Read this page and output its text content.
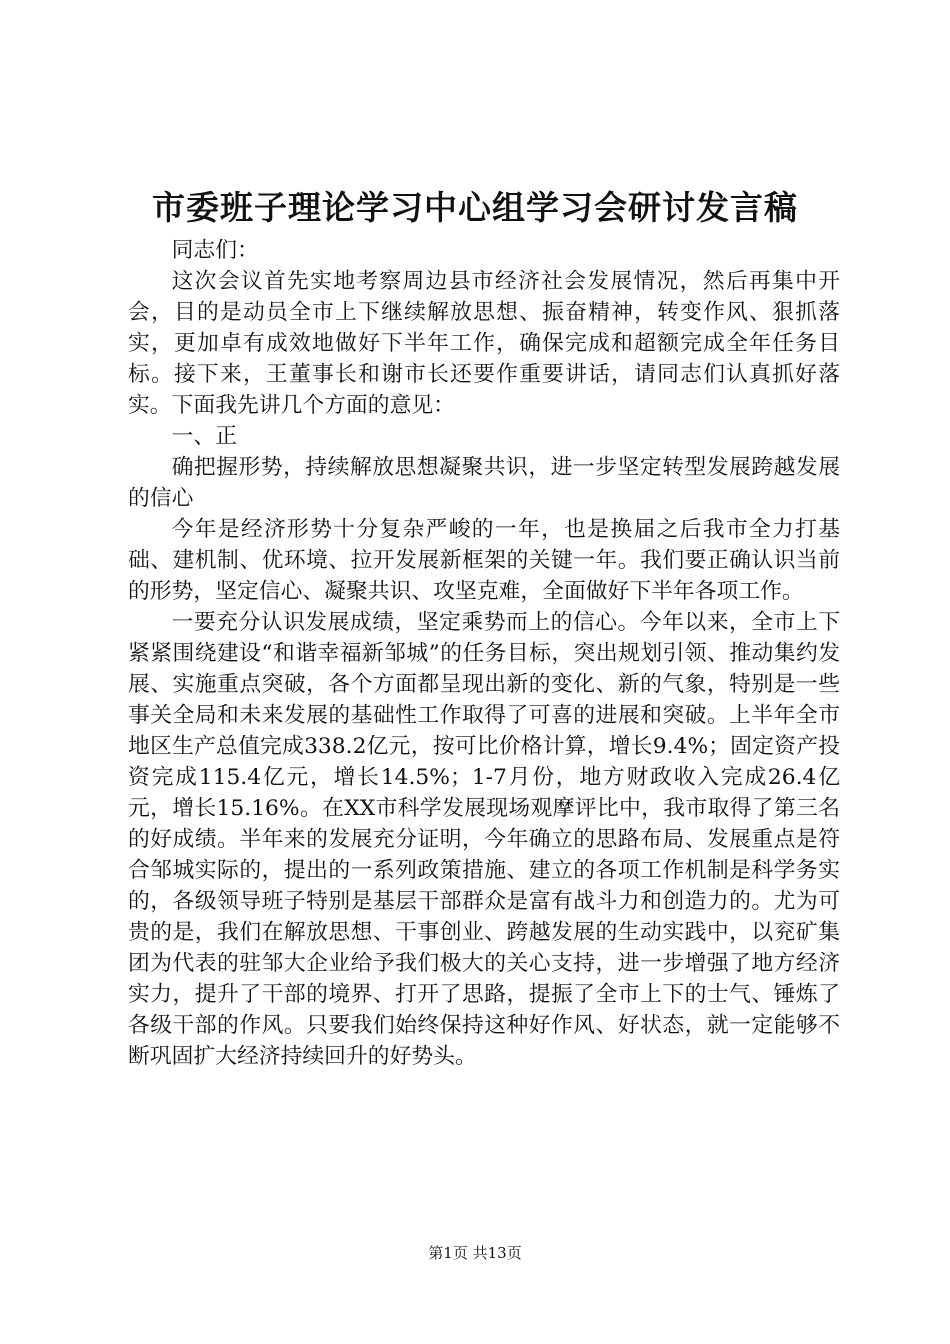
市委班子理论学习中心组学习会研讨发言稿

同志们：

这次会议首先实地考察周边县市经济社会发展情况，然后再集中开会，目的是动员全市上下继续解放思想、振奋精神，转变作风、狠抓落实，更加卓有成效地做好下半年工作，确保完成和超额完成全年任务目标。接下来，王董事长和谢市长还要作重要讲话，请同志们认真抓好落实。下面我先讲几个方面的意见：

一、正

确把握形势，持续解放思想凝聚共识，进一步坚定转型发展跨越发展的信心

今年是经济形势十分复杂严峻的一年，也是换届之后我市全力打基础、建机制、优环境、拉开发展新框架的关键一年。我们要正确认识当前的形势，坚定信心、凝聚共识、攻坚克难，全面做好下半年各项工作。

一要充分认识发展成绩，坚定乘势而上的信心。今年以来，全市上下紧紧围绕建设“和谐幸福新邹城”的任务目标，突出规划引领、推动集约发展、实施重点突破，各个方面都呈现出新的变化、新的气象，特别是一些事关全局和未来发展的基础性工作取得了可喜的进展和突破。上半年全市地区生产总值完成338.2亿元，按可比价格计算，增长9.4%；固定资产投资完成115.4亿元，增长14.5%；1-7月份，地方财政收入完成26.4亿元，增长15.16%。在XX市科学发展现场观摩评比中，我市取得了第三名的好成绩。半年来的发展充分证明，今年确立的思路布局、发展重点是符合邹城实际的，提出的一系列政策措施、建立的各项工作机制是科学务实的，各级领导班子特别是基层干部群众是富有战斗力和创造力的。尤为可贵的是，我们在解放思想、干事创业、跨越发展的生动实践中，以兖矿集团为代表的驻邹大企业给予我们极大的关心支持，进一步增强了地方经济实力，提升了干部的境界、打开了思路，提振了全市上下的士气、锤炼了各级干部的作风。只要我们始终保持这种好作风、好状态，就一定能够不断巩固扩大经济持续回升的好势头。

第1页 共13页
